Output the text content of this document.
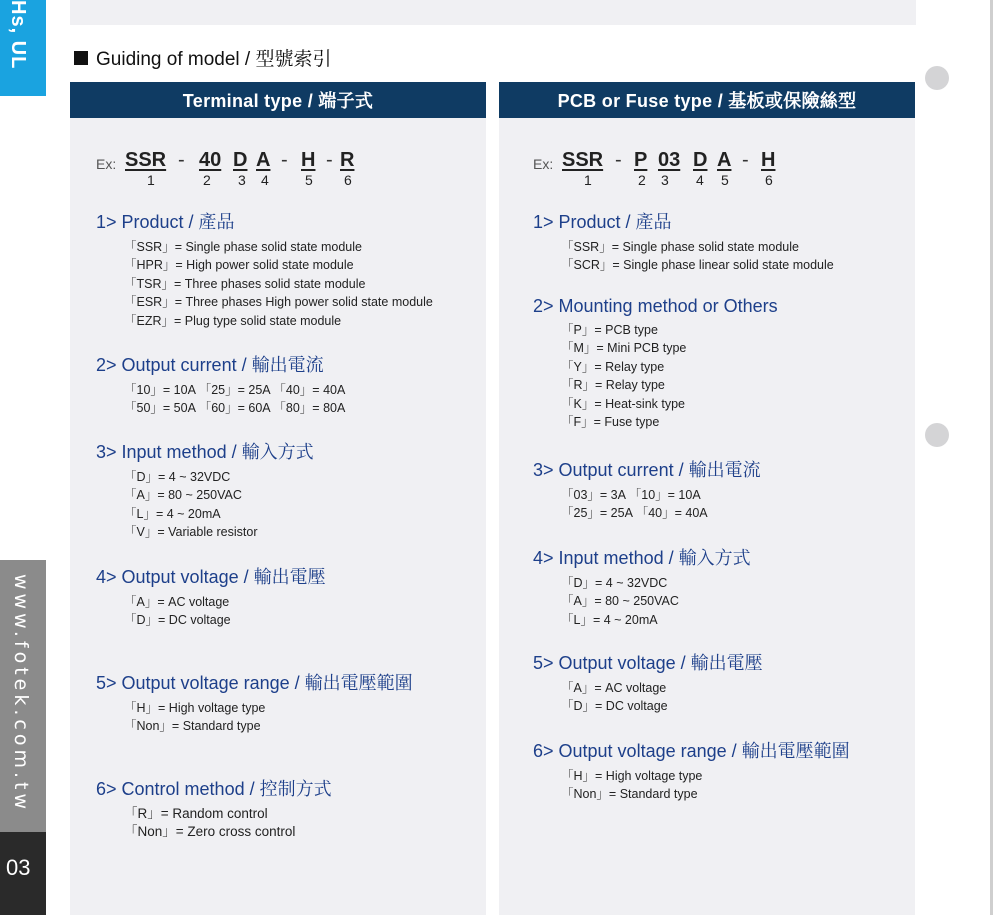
Hs, UL
www.fotek.com.tw
03
Guiding of model / 型號索引
Terminal type / 端子式
Ex: SSR - 40 D A - H - R
1	2 3 4	5 6
1> Product / 產品
「SSR」= Single phase solid state module
「HPR」= High power solid state module
「TSR」= Three phases solid state module
「ESR」= Three phases High power solid state module
「EZR」= Plug type solid state module
2> Output current / 輸出電流
「10」= 10A 「25」= 25A 「40」= 40A
「50」= 50A 「60」= 60A 「80」= 80A
3> Input method / 輸入方式
「D」= 4 ~ 32VDC
「A」= 80 ~ 250VAC
「L」= 4 ~ 20mA
「V」= Variable resistor
4> Output voltage / 輸出電壓
「A」= AC voltage
「D」= DC voltage
5> Output voltage range / 輸出電壓範圍
「H」= High voltage type
「Non」= Standard type
6> Control method / 控制方式
「R」= Random control
「Non」= Zero cross control
PCB or Fuse type / 基板或保險絲型
Ex: SSR - P 03 D A - H
1	2 3 4 5	6
1> Product / 產品
「SSR」= Single phase solid state module
「SCR」= Single phase linear solid state module
2> Mounting method or Others
「P」= PCB type
「M」= Mini PCB type
「Y」= Relay type
「R」= Relay type
「K」= Heat-sink type
「F」= Fuse type
3> Output current / 輸出電流
「03」= 3A 「10」= 10A
「25」= 25A 「40」= 40A
4> Input method / 輸入方式
「D」= 4 ~ 32VDC
「A」= 80 ~ 250VAC
「L」= 4 ~ 20mA
5> Output voltage / 輸出電壓
「A」= AC voltage
「D」= DC voltage
6> Output voltage range / 輸出電壓範圍
「H」= High voltage type
「Non」= Standard type
